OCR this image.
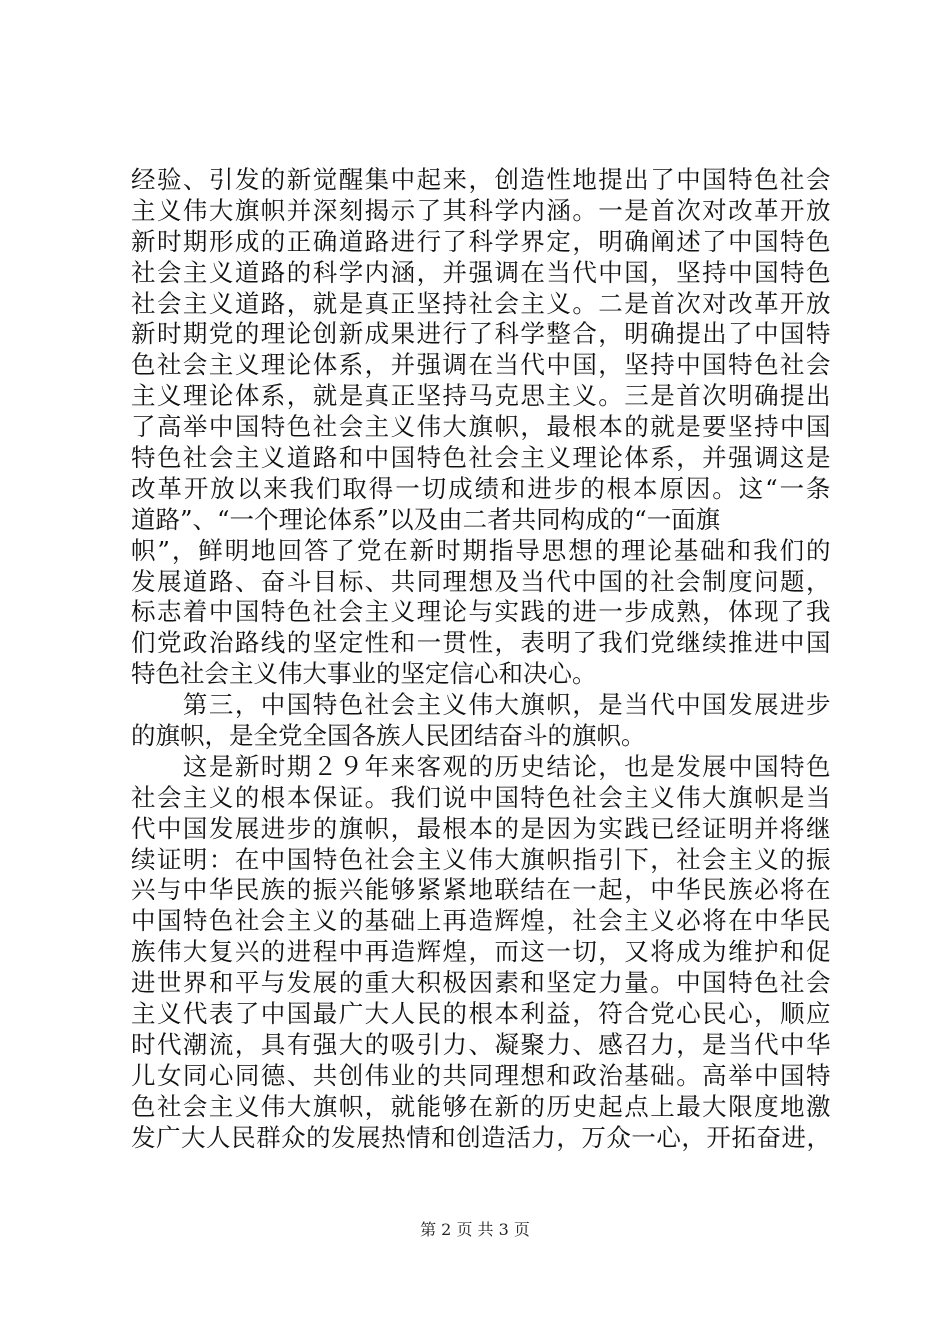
经验、引发的新觉醒集中起来，创造性地提出了中国特色社会
主义伟大旗帜并深刻揭示了其科学内涵。一是首次对改革开放
新时期形成的正确道路进行了科学界定，明确阐述了中国特色
社会主义道路的科学内涵，并强调在当代中国，坚持中国特色
社会主义道路，就是真正坚持社会主义。二是首次对改革开放
新时期党的理论创新成果进行了科学整合，明确提出了中国特
色社会主义理论体系，并强调在当代中国，坚持中国特色社会
主义理论体系，就是真正坚持马克思主义。三是首次明确提出
了高举中国特色社会主义伟大旗帜，最根本的就是要坚持中国
特色社会主义道路和中国特色社会主义理论体系，并强调这是
改革开放以来我们取得一切成绩和进步的根本原因。这“一条
道路”、“一个理论体系”以及由二者共同构成的“一面旗
帜”，鲜明地回答了党在新时期指导思想的理论基础和我们的
发展道路、奋斗目标、共同理想及当代中国的社会制度问题，
标志着中国特色社会主义理论与实践的进一步成熟，体现了我
们党政治路线的坚定性和一贯性，表明了我们党继续推进中国
特色社会主义伟大事业的坚定信心和决心。
　　第三，中国特色社会主义伟大旗帜，是当代中国发展进步
的旗帜，是全党全国各族人民团结奋斗的旗帜。
　　这是新时期２９年来客观的历史结论，也是发展中国特色
社会主义的根本保证。我们说中国特色社会主义伟大旗帜是当
代中国发展进步的旗帜，最根本的是因为实践已经证明并将继
续证明：在中国特色社会主义伟大旗帜指引下，社会主义的振
兴与中华民族的振兴能够紧紧地联结在一起，中华民族必将在
中国特色社会主义的基础上再造辉煌，社会主义必将在中华民
族伟大复兴的进程中再造辉煌，而这一切，又将成为维护和促
进世界和平与发展的重大积极因素和坚定力量。中国特色社会
主义代表了中国最广大人民的根本利益，符合党心民心，顺应
时代潮流，具有强大的吸引力、凝聚力、感召力，是当代中华
儿女同心同德、共创伟业的共同理想和政治基础。高举中国特
色社会主义伟大旗帜，就能够在新的历史起点上最大限度地激
发广大人民群众的发展热情和创造活力，万众一心，开拓奋进，
第 2 页 共 3 页
